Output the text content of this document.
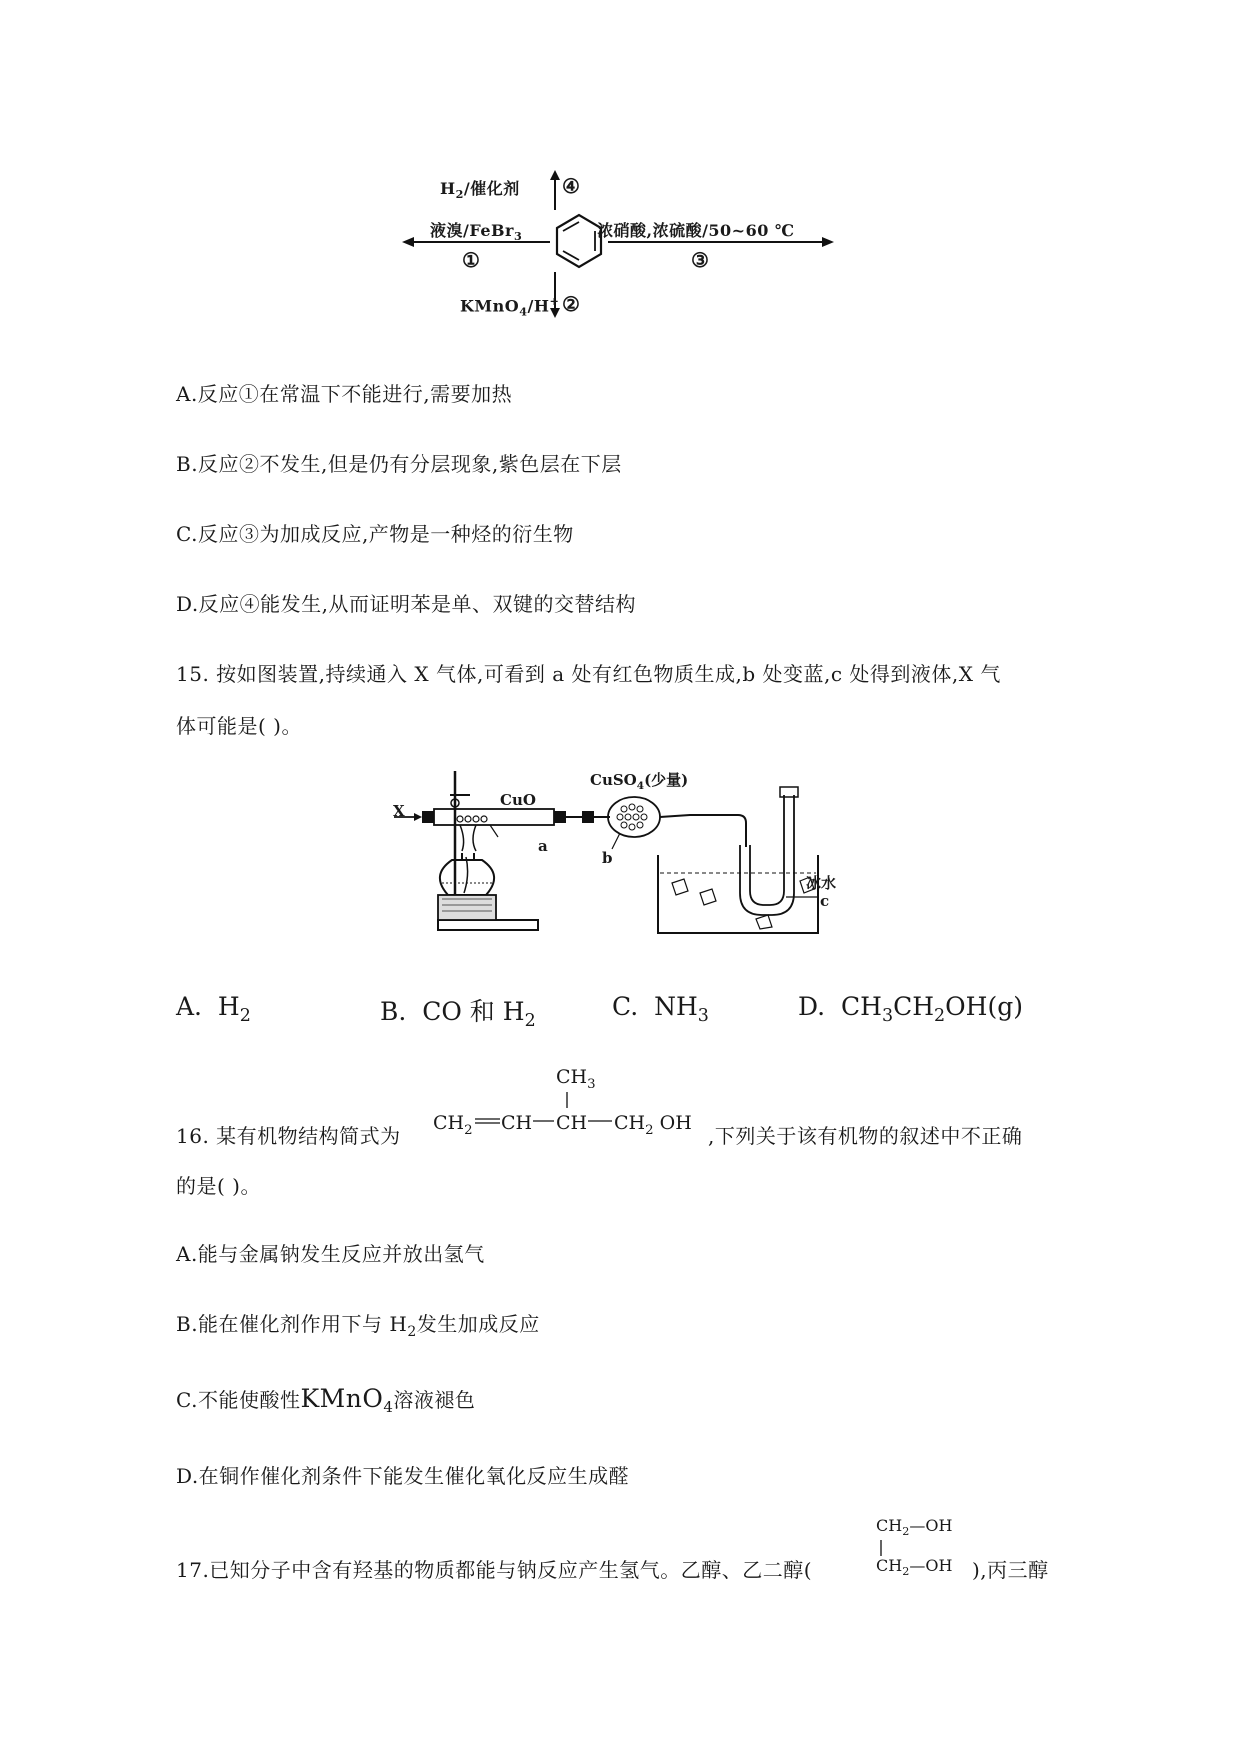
$H_2/$催化剂 ④
液溴/FeBr$_3$
①
浓硝酸,浓硫酸/50~60 ℃
③
KMnO$_4$/H+ ②
A.反应①在常温下不能进行,需要加热
B.反应②不发生,但是仍有分层现象,紫色层在下层
C.反应③为加成反应,产物是一种烃的衍生物
D.反应④能发生,从而证明苯是单、双键的交替结构
15. 按如图装置,持续通入 X 气体,可看到 a 处有红色物质生成,b 处变蓝,c 处得到液体,X 气
体可能是( )。
X
CuO
CuSO$_4$(少量)
a
b
c
冰水
A. $H_2$	B. CO 和 $H_2$	C. $NH_3$	D. $CH_3CH_2OH(g)$
16. 某有机物结构简式为
$CH_3$
$CH_2$ CH CH $CH_2$ OH
,下列关于该有机物的叙述中不正确
的是( )。
A.能与金属钠发生反应并放出氢气
B.能在催化剂作用下与 $H_2$发生加成反应
C.不能使酸性KMnO$_4$溶液褪色
D.在铜作催化剂条件下能发生催化氧化反应生成醛
17.已知分子中含有羟基的物质都能与钠反应产生氢气。乙醇、乙二醇(
$CH_2—OH$
$CH_2—OH$ ),丙三醇
